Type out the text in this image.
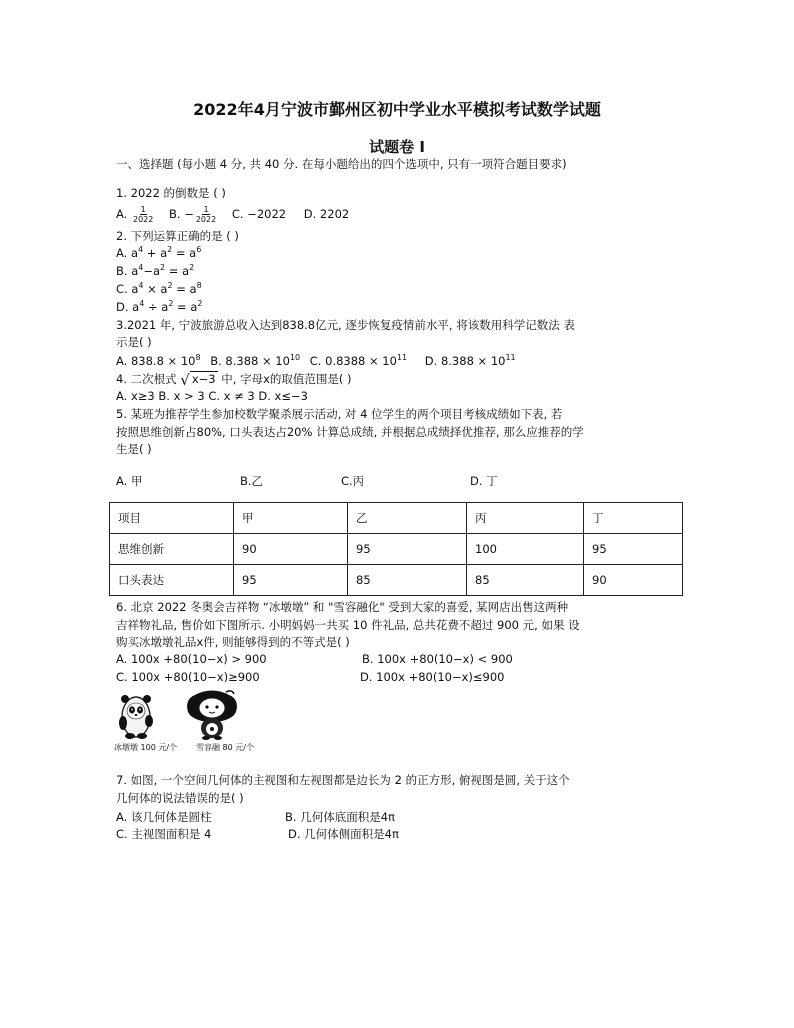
2022年4月宁波市鄞州区初中学业水平模拟考试数学试题
试题卷 Ⅰ
一、选择题 (每小题 4 分, 共 40 分. 在每小题给出的四个选项中, 只有一项符合题目要求)
1. 2022 的倒数是 ( )
A. $\frac{1}{2022} B$. − $\frac{1}{2022} C$. −2022 D. 2202
2. 下列运算正确的是 ( )
A. $a^4 + a^2 = a^6$
B. $a^4-a^2 = a^2$
C. $a^4 \times a^2 = a^8$
D. $a^4 \div a^2 = a^2$
3.2021 年, 宁波旅游总收入达到838.8亿元, 逐步恢复疫情前水平, 将该数用科学记数法 表
示是( )
A. $838.8 \times 10^8$ B. $8.388 \times 10^{10}$ C. $0.8388 \times 10^{11}$ D. $8.388 \times 10^{11}$
4. 二次根式 √ x−3 中, 字母x的取值范围是( )
A. x≥3 B. x > 3 C. x ≠ 3 D. x≤−3
5. 某班为推荐学生参加校数学聚杀展示活动, 对 4 位学生的两个项目考核成绩如下表, 若
按照思维创新占80%, 口头表达占20% 计算总成绩, 并根据总成绩择优推荐, 那么应推荐的学
生是( )
A. 甲	B.乙	C.丙	D. 丁
项目	甲	乙	丙	丁
思维创新	90	95	100	95
口头表达	95	85	85	90
6. 北京 2022 冬奥会吉祥物 “冰墩墩” 和 "雪容融化" 受到大家的喜爱, 某网店出售这两种
吉祥物礼品, 售价如下图所示. 小明妈妈一共买 10 件礼品, 总共花费不超过 900 元, 如果 设
购买冰墩墩礼品x件, 则能够得到的不等式是( )
A. 100x +80(10−x) > 900	B. 100x +80(10−x) < 900
C. 100x +80(10−x)≥900	D. 100x +80(10−x)≤900
冰墩墩 100 元/个 雪容融 80 元/个
7. 如图, 一个空间几何体的主视图和左视图都是边长为 2 的正方形, 俯视图是圆, 关于这个
几何体的说法错误的是( )
A. 该几何体是圆柱	B. 几何体底面积是4π
C. 主视图面积是 4	D. 几何体侧面积是4π
